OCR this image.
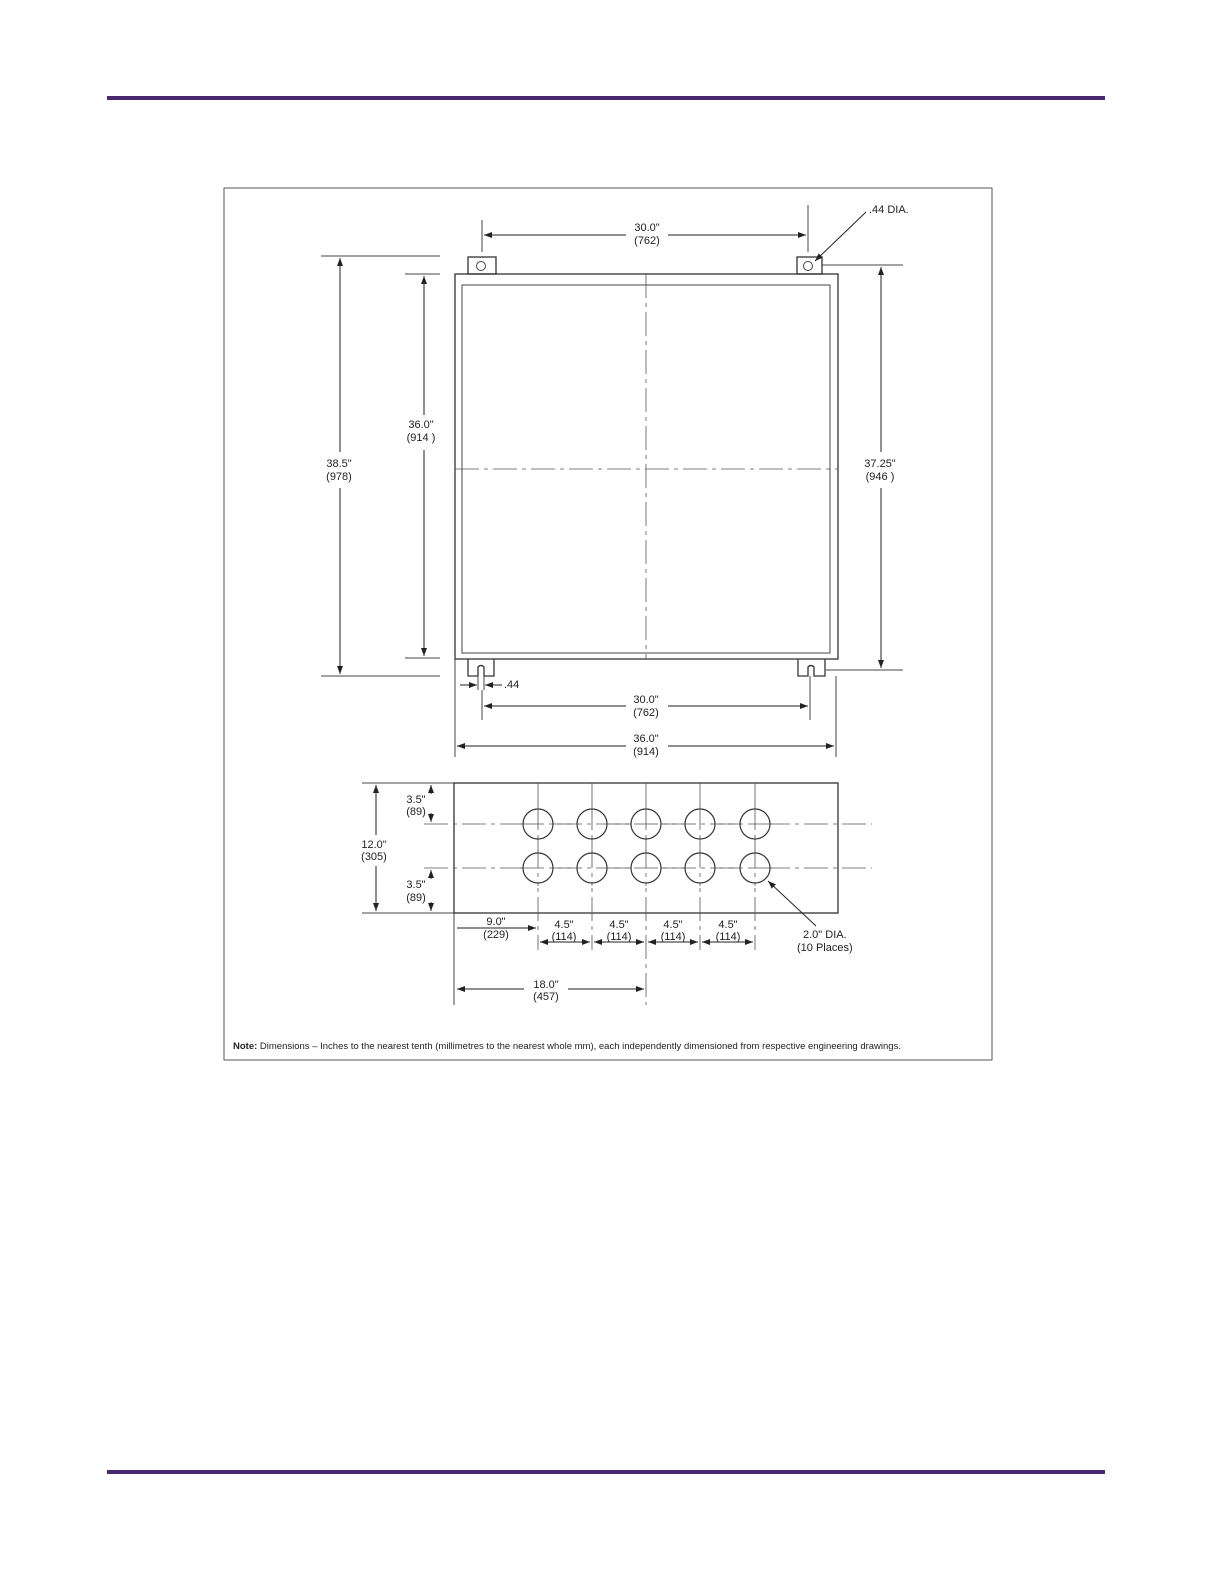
30.0"
(762)
.44 DIA.
38.5"
(978)
36.0"
(914 )
37.25"
(946 )
.44
30.0"
(762)
36.0"
(914)
12.0"
(305)
3.5"
(89)
3.5"
(89)
9.0"
(229)
4.5"
(114)
4.5"
(114)
4.5"
(114)
4.5"
(114)
18.0"
(457)
2.0" DIA.
(10 Places)
Note: Dimensions – Inches to the nearest tenth (millimetres to the nearest whole mm), each independently dimensioned from respective engineering drawings.
